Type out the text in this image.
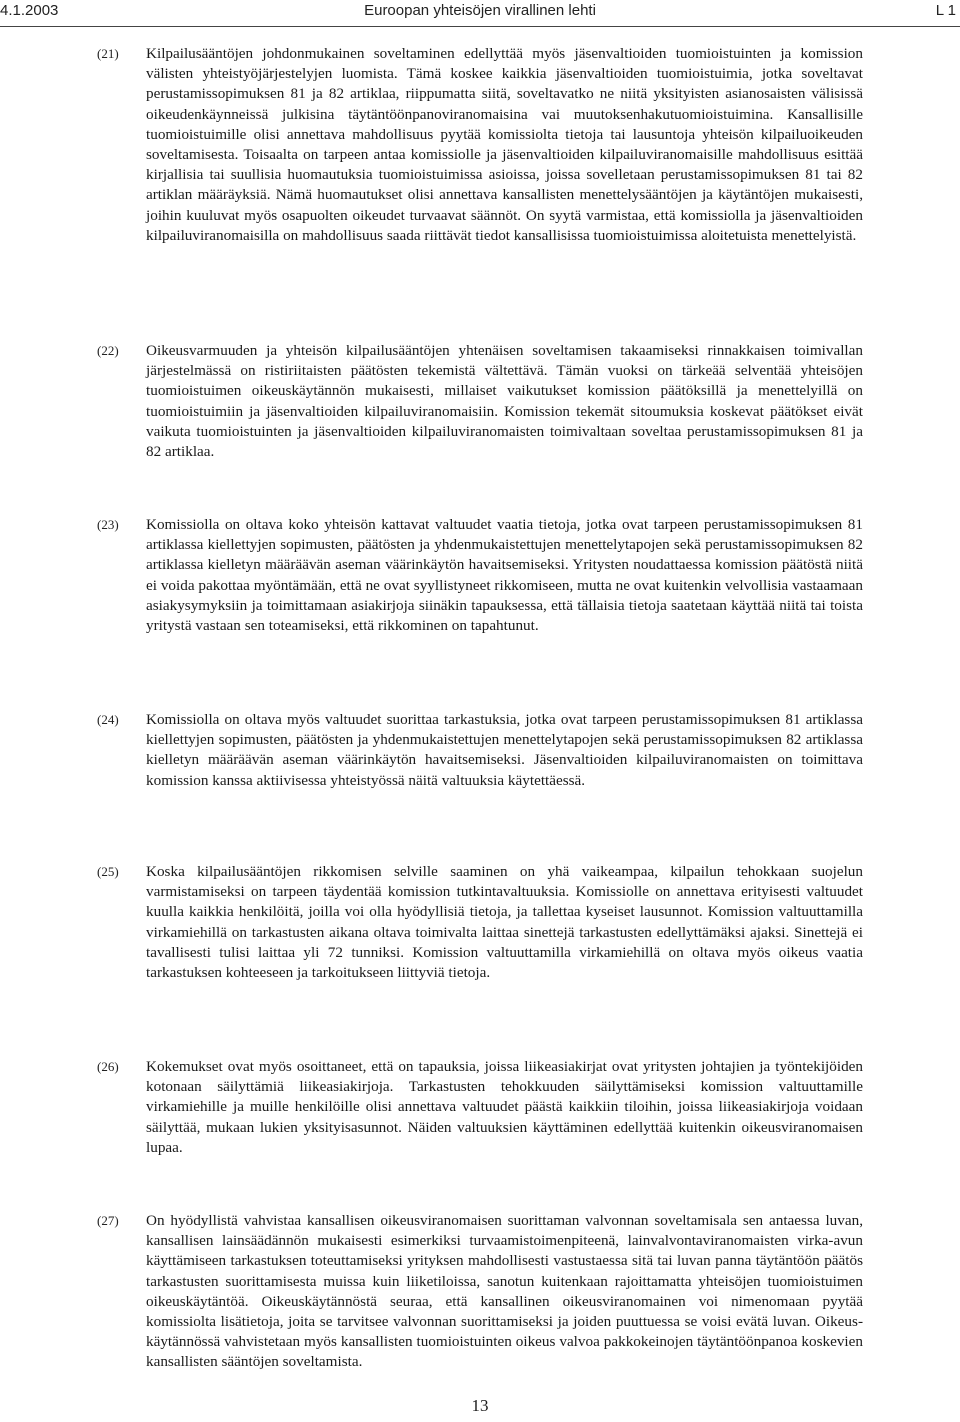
4.1.2003	Euroopan yhteisöjen virallinen lehti	L 1
(21) Kilpailusääntöjen johdonmukainen soveltaminen edellyttää myös jäsenvaltioiden tuomioistuinten ja komission välisten yhteistyöjärjestelyjen luomista. Tämä koskee kaikkia jäsenvaltioiden tuomioistuimia, jotka soveltavat perustamissopimuksen 81 ja 82 artiklaa, riippumatta siitä, soveltavatko ne niitä yksityisten asianosaisten välisissä oikeudenkäynneissä julkisina täytäntöönpanoviranomaisina vai muutoksenhakutuomioistuimina. Kansallisille tuomioistuimille olisi annettava mahdollisuus pyytää komissiolta tietoja tai lausuntoja yhteisön kilpailuoikeuden soveltamisesta. Toisaalta on tarpeen antaa komissiolle ja jäsenvaltioiden kilpailuviranomaisille mahdollisuus esittää kirjallisia tai suullisia huomautuksia tuomioistuimissa asioissa, joissa sovelletaan perustamissopimuksen 81 tai 82 artiklan määräyksiä. Nämä huomautukset olisi annettava kansallisten menettelysääntöjen ja käytäntöjen mukaisesti, joihin kuuluvat myös osapuolten oikeudet turvaavat säännöt. On syytä varmistaa, että komissiolla ja jäsenvaltioiden kilpailuviranomaisilla on mahdollisuus saada riittävät tiedot kansallisissa tuomioistuimissa aloitetuista menettelyistä.
(22) Oikeusvarmuuden ja yhteisön kilpailusääntöjen yhtenäisen soveltamisen takaamiseksi rinnakkaisen toimivallan järjestelmässä on ristiriitaisten päätösten tekemistä vältettävä. Tämän vuoksi on tärkeää selventää yhteisöjen tuomioistuimen oikeuskäytännön mukaisesti, millaiset vaikutukset komission päätöksillä ja menettelyillä on tuomioistuimiin ja jäsenvaltioiden kilpailuviranomaisiin. Komission tekemät sitoumuksia koskevat päätökset eivät vaikuta tuomioistuinten ja jäsenvaltioiden kilpailuviranomaisten toimivaltaan soveltaa perustamissopimuksen 81 ja 82 artiklaa.
(23) Komissiolla on oltava koko yhteisön kattavat valtuudet vaatia tietoja, jotka ovat tarpeen perustamissopimuksen 81 artiklassa kiellettyjen sopimusten, päätösten ja yhdenmukaistettujen menettelytapojen sekä perustamissopimuksen 82 artiklassa kielletyn määräävän aseman väärinkäytön havaitsemiseksi. Yritysten noudattaessa komission päätöstä niitä ei voida pakottaa myöntämään, että ne ovat syyllistyneet rikkomiseen, mutta ne ovat kuitenkin velvollisia vastaamaan asiakysymyksiin ja toimittamaan asiakirjoja siinäkin tapauksessa, että tällaisia tietoja saatetaan käyttää niitä tai toista yritystä vastaan sen toteamiseksi, että rikkominen on tapahtunut.
(24) Komissiolla on oltava myös valtuudet suorittaa tarkastuksia, jotka ovat tarpeen perustamissopimuksen 81 artiklassa kiellettyjen sopimusten, päätösten ja yhdenmukaistettujen menettelytapojen sekä perustamissopimuksen 82 artiklassa kielletyn määräävän aseman väärinkäytön havaitsemiseksi. Jäsenvaltioiden kilpailuviranomaisten on toimittava komission kanssa aktiivisessa yhteistyössä näitä valtuuksia käytettäessä.
(25) Koska kilpailusääntöjen rikkomisen selville saaminen on yhä vaikeampaa, kilpailun tehokkaan suojelun varmistamiseksi on tarpeen täydentää komission tutkintavaltuuksia. Komissiolle on annettava erityisesti valtuudet kuulla kaikkia henkilöitä, joilla voi olla hyödyllisiä tietoja, ja tallettaa kyseiset lausunnot. Komission valtuuttamilla virkamiehillä on tarkastusten aikana oltava toimivalta laittaa sinettejä tarkastusten edellyttämäksi ajaksi. Sinettejä ei tavallisesti tulisi laittaa yli 72 tunniksi. Komission valtuuttamilla virkamiehillä on oltava myös oikeus vaatia tarkastuksen kohteeseen ja tarkoitukseen liittyviä tietoja.
(26) Kokemukset ovat myös osoittaneet, että on tapauksia, joissa liikeasiakirjat ovat yritysten johtajien ja työntekijöiden kotonaan säilyttämiä liikeasiakirjoja. Tarkastusten tehokkuuden säilyttämiseksi komission valtuuttamille virkamiehille ja muille henkilöille olisi annettava valtuudet päästä kaikkiin tiloihin, joissa liikeasiakirjoja voidaan säilyttää, mukaan lukien yksityisasunnot. Näiden valtuuksien käyttäminen edellyttää kuitenkin oikeusviranomaisen lupaa.
(27) On hyödyllistä vahvistaa kansallisen oikeusviranomaisen suorittaman valvonnan soveltamisala sen antaessa luvan, kansallisen lainsäädännön mukaisesti esimerkiksi turvaamistoimenpiteenä, lainvalvontaviranomaisten virka-avun käyttämiseen tarkastuksen toteuttamiseksi yrityksen mahdollisesti vastustaessa sitä tai luvan panna täytäntöön päätös tarkastusten suorittamisesta muissa kuin liiketiloissa, sanotun kuitenkaan rajoittamatta yhteisöjen tuomioistuimen oikeuskäytäntöä. Oikeuskäytännöstä seuraa, että kansallinen oikeusviranomainen voi nimenomaan pyytää komissiolta lisätietoja, joita se tarvitsee valvonnan suorittamiseksi ja joiden puuttuessa se voisi evätä luvan. Oikeuskäytännössä vahvistetaan myös kansallisten tuomioistuinten oikeus valvoa pakkokeinojen täytäntöönpanoa koskevien kansallisten sääntöjen soveltamista.
13
